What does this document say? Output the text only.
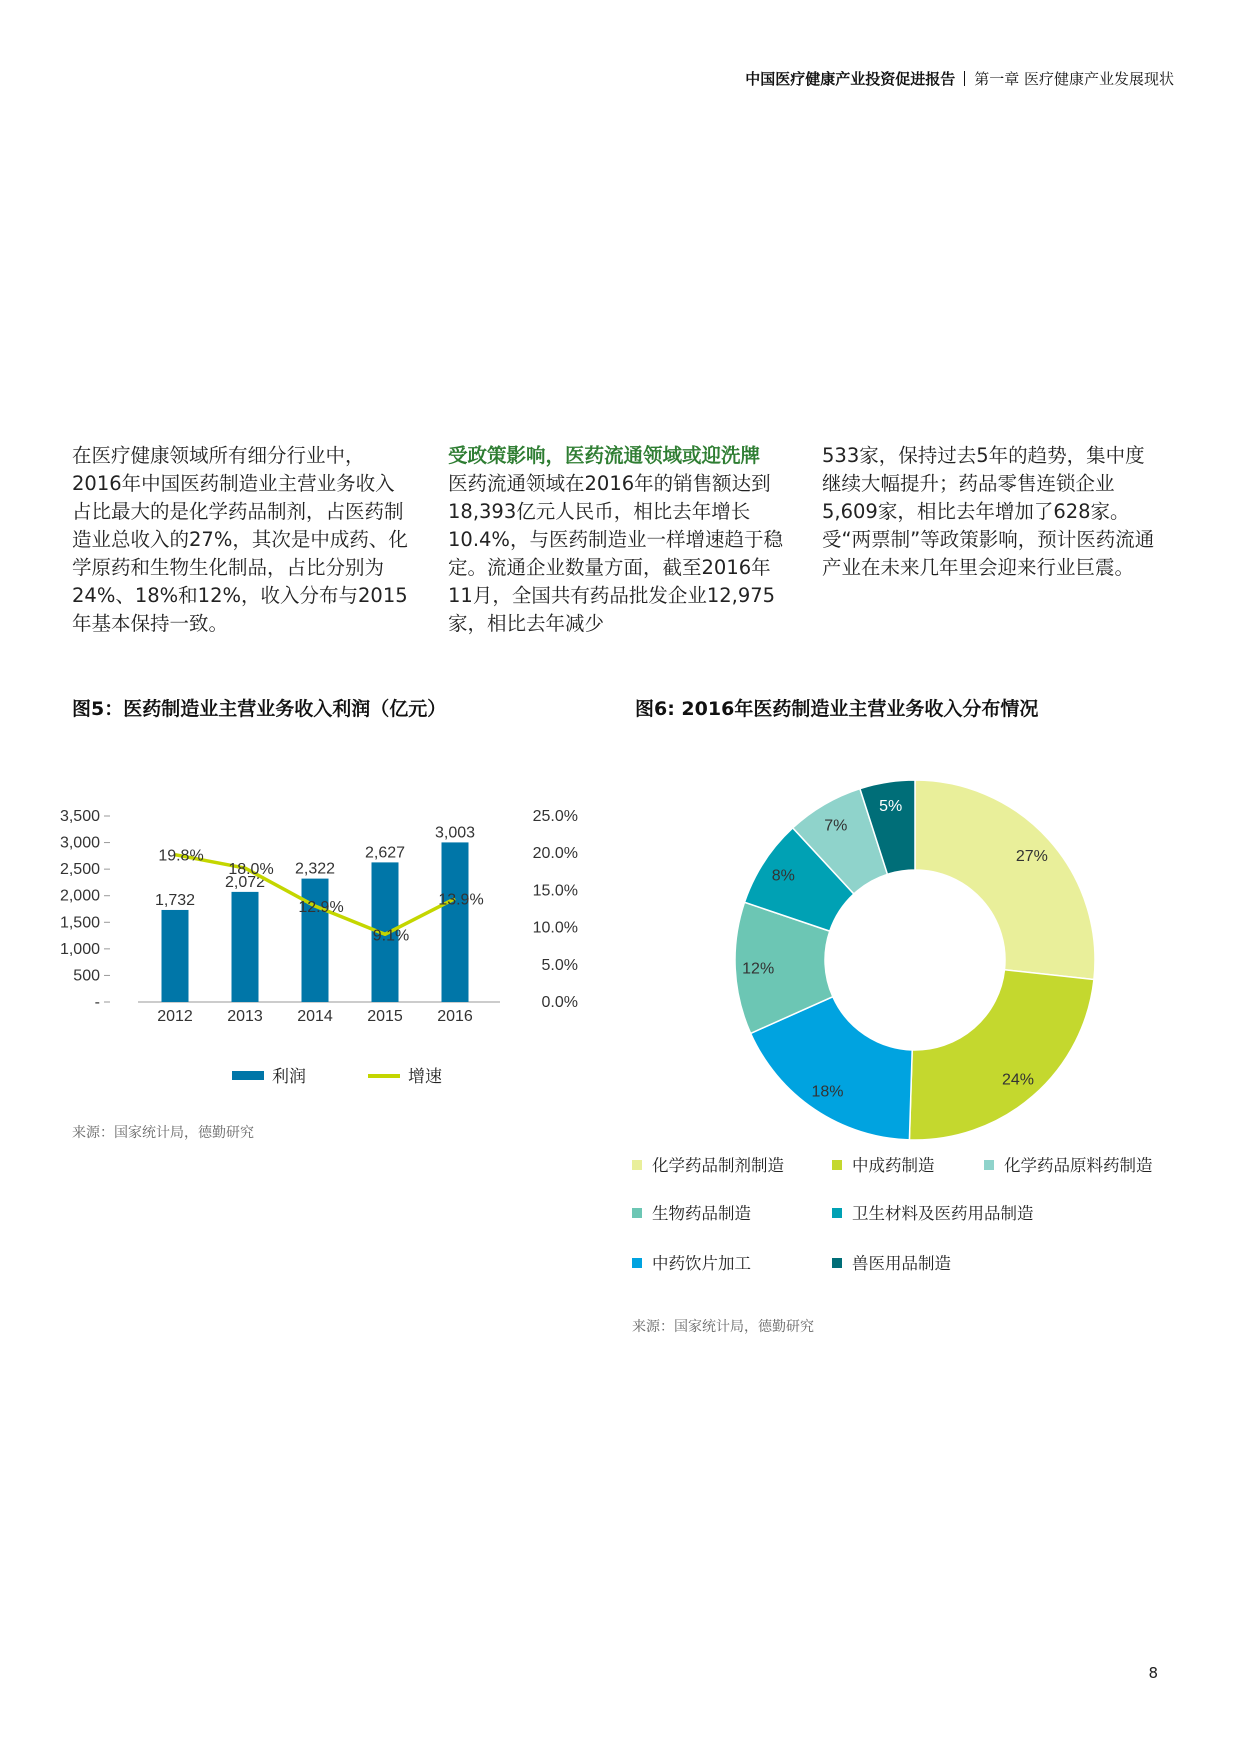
中国医疗健康产业投资促进报告 第一章 医疗健康产业发展现状

在医疗健康领域所有细分行业中，2016年中国医药制造业主营业务收入占比最大的是化学药品制剂，占医药制造业总收入的27%，其次是中成药、化学原药和生物生化制品，占比分别为24%、18%和12%，收入分布与2015年基本保持一致。

受政策影响，医药流通领域或迎洗牌

医药流通领域在2016年的销售额达到18,393亿元人民币，相比去年增长10.4%，与医药制造业一样增速趋于稳定。流通企业数量方面，截至2016年11月，全国共有药品批发企业12,975家，相比去年减少

533家，保持过去5年的趋势，集中度继续大幅提升；药品零售连锁企业5,609家，相比去年增加了628家。受“两票制”等政策影响，预计医药流通产业在未来几年里会迎来行业巨震。

图5：医药制造业主营业务收入利润（亿元）
-
500
1,000
1,500
2,000
2,500
3,000
3,500
0.0%
5.0%
10.0%
15.0%
20.0%
25.0%
1,732
2012
2,072
2013
2,322
2014
2,627
2015
3,003
2016
19.8%
18.0%
12.9%
9.1%
13.9%
利润	增速
来源：国家统计局，德勤研究
图6: 2016年医药制造业主营业务收入分布情况
27%
24%
18%
12%
8%
7%
5%
化学药品制剂制造	中成药制造	化学药品原料药制造
生物药品制造	卫生材料及医药用品制造
中药饮片加工	兽医用品制造
来源：国家统计局，德勤研究
8
